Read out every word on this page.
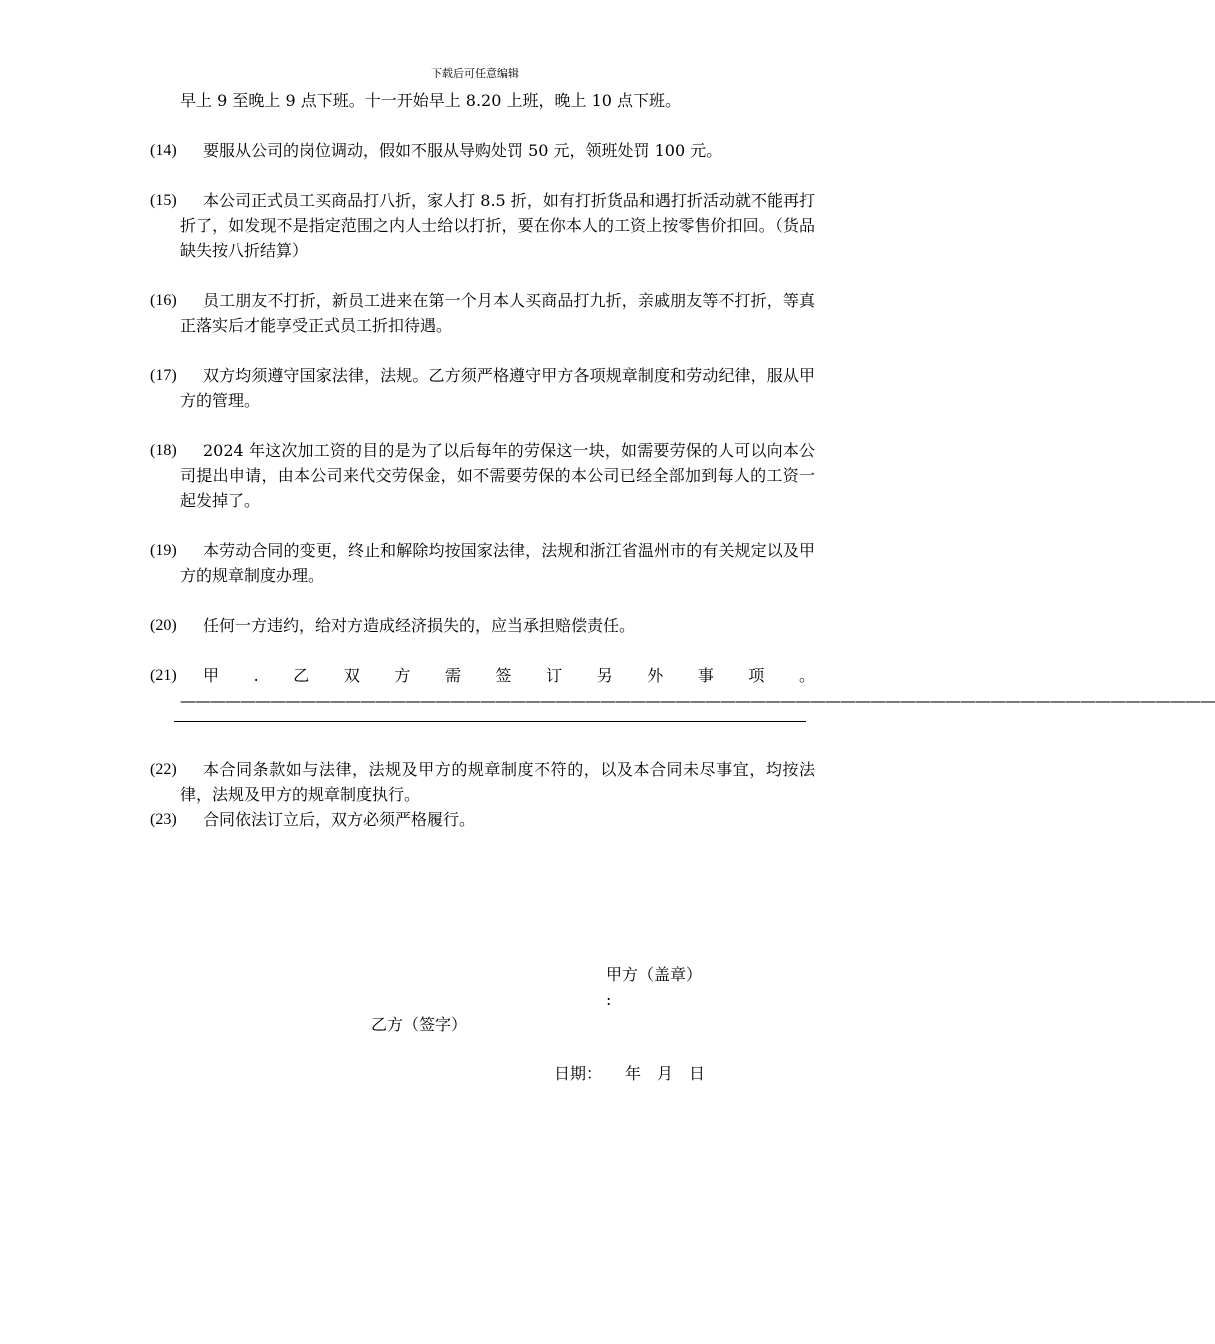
下载后可任意编辑
早上 9 至晚上 9 点下班。十一开始早上 8.20 上班，晚上 10 点下班。
(14)	要服从公司的岗位调动，假如不服从导购处罚 50 元，领班处罚 100 元。
(15)	本公司正式员工买商品打八折，家人打 8.5 折，如有打折货品和遇打折活动就不能再打折了，如发现不是指定范围之内人士给以打折，要在你本人的工资上按零售价扣回。（货品缺失按八折结算）
(16)	员工朋友不打折，新员工进来在第一个月本人买商品打九折，亲戚朋友等不打折，等真正落实后才能享受正式员工折扣待遇。
(17)	双方均须遵守国家法律，法规。乙方须严格遵守甲方各项规章制度和劳动纪律，服从甲方的管理。
(18)	2024 年这次加工资的目的是为了以后每年的劳保这一块，如需要劳保的人可以向本公司提出申请，由本公司来代交劳保金，如不需要劳保的本公司已经全部加到每人的工资一起发掉了。
(19)	本劳动合同的变更，终止和解除均按国家法律，法规和浙江省温州市的有关规定以及甲方的规章制度办理。
(20)	任何一方违约，给对方造成经济损失的，应当承担赔偿责任。
(21)	甲.乙双方需签订另外事项。—————————————————————————————————————————————————————————————————————
(22)	本合同条款如与法律，法规及甲方的规章制度不符的，以及本合同未尽事宜，均按法律，法规及甲方的规章制度执行。
(23)	合同依法订立后，双方必须严格履行。
甲方（盖章）
:
乙方（签字）
日期： 年　月　日
